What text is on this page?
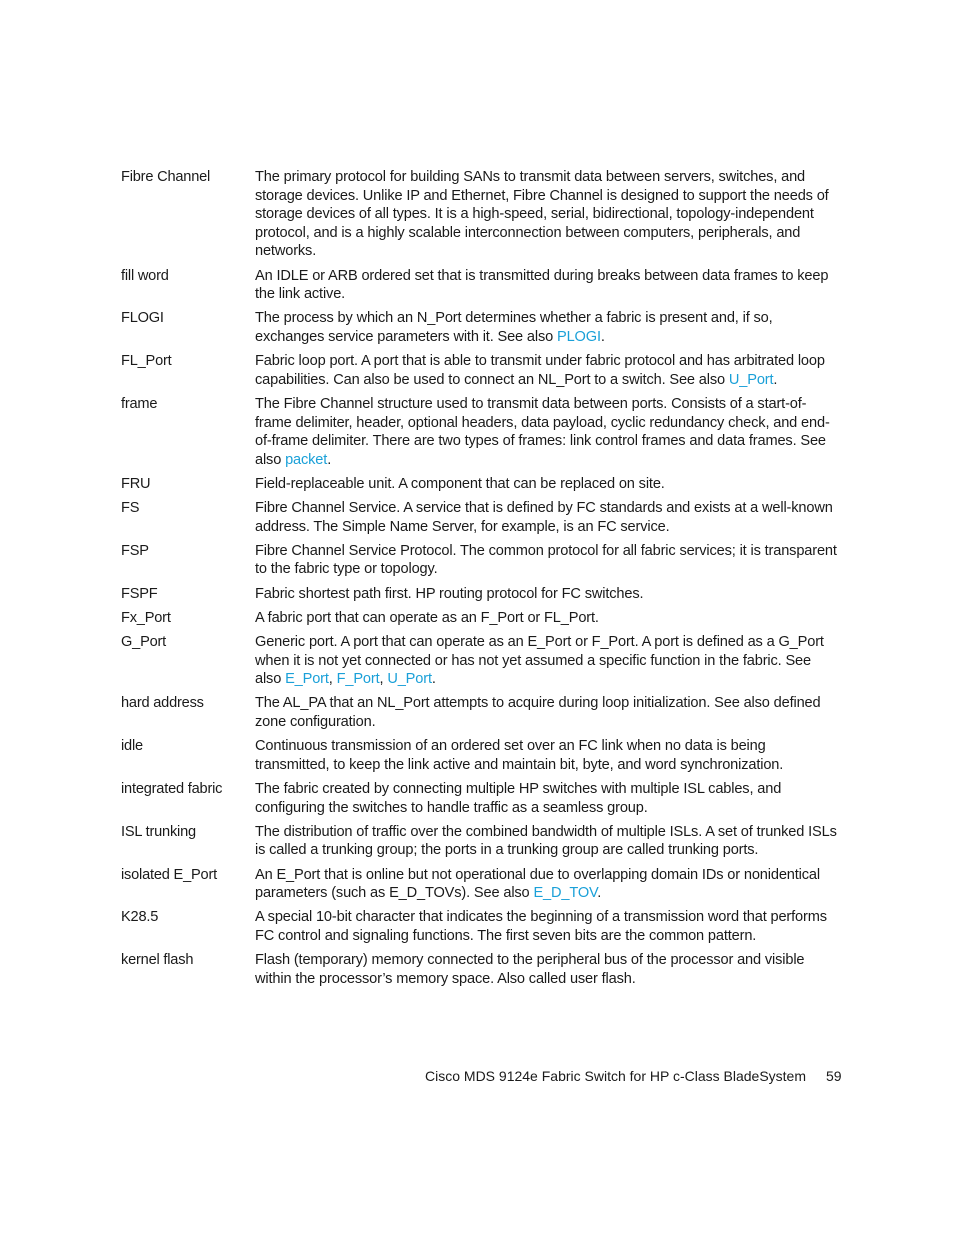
Fibre Channel	The primary protocol for building SANs to transmit data between servers, switches, and storage devices. Unlike IP and Ethernet, Fibre Channel is designed to support the needs of storage devices of all types. It is a high-speed, serial, bidirectional, topology-independent protocol, and is a highly scalable interconnection between computers, peripherals, and networks.
fill word	An IDLE or ARB ordered set that is transmitted during breaks between data frames to keep the link active.
FLOGI	The process by which an N_Port determines whether a fabric is present and, if so, exchanges service parameters with it. See also PLOGI.
FL_Port	Fabric loop port. A port that is able to transmit under fabric protocol and has arbitrated loop capabilities. Can also be used to connect an NL_Port to a switch. See also U_Port.
frame	The Fibre Channel structure used to transmit data between ports. Consists of a start-of-frame delimiter, header, optional headers, data payload, cyclic redundancy check, and end-of-frame delimiter. There are two types of frames: link control frames and data frames. See also packet.
FRU	Field-replaceable unit. A component that can be replaced on site.
FS	Fibre Channel Service. A service that is defined by FC standards and exists at a well-known address. The Simple Name Server, for example, is an FC service.
FSP	Fibre Channel Service Protocol. The common protocol for all fabric services; it is transparent to the fabric type or topology.
FSPF	Fabric shortest path first. HP routing protocol for FC switches.
Fx_Port	A fabric port that can operate as an F_Port or FL_Port.
G_Port	Generic port. A port that can operate as an E_Port or F_Port. A port is defined as a G_Port when it is not yet connected or has not yet assumed a specific function in the fabric. See also E_Port, F_Port, U_Port.
hard address	The AL_PA that an NL_Port attempts to acquire during loop initialization. See also defined zone configuration.
idle	Continuous transmission of an ordered set over an FC link when no data is being transmitted, to keep the link active and maintain bit, byte, and word synchronization.
integrated fabric	The fabric created by connecting multiple HP switches with multiple ISL cables, and configuring the switches to handle traffic as a seamless group.
ISL trunking	The distribution of traffic over the combined bandwidth of multiple ISLs. A set of trunked ISLs is called a trunking group; the ports in a trunking group are called trunking ports.
isolated E_Port	An E_Port that is online but not operational due to overlapping domain IDs or nonidentical parameters (such as E_D_TOVs). See also E_D_TOV.
K28.5	A special 10-bit character that indicates the beginning of a transmission word that performs FC control and signaling functions. The first seven bits are the common pattern.
kernel flash	Flash (temporary) memory connected to the peripheral bus of the processor and visible within the processor’s memory space. Also called user flash.
Cisco MDS 9124e Fabric Switch for HP c-Class BladeSystem 59
